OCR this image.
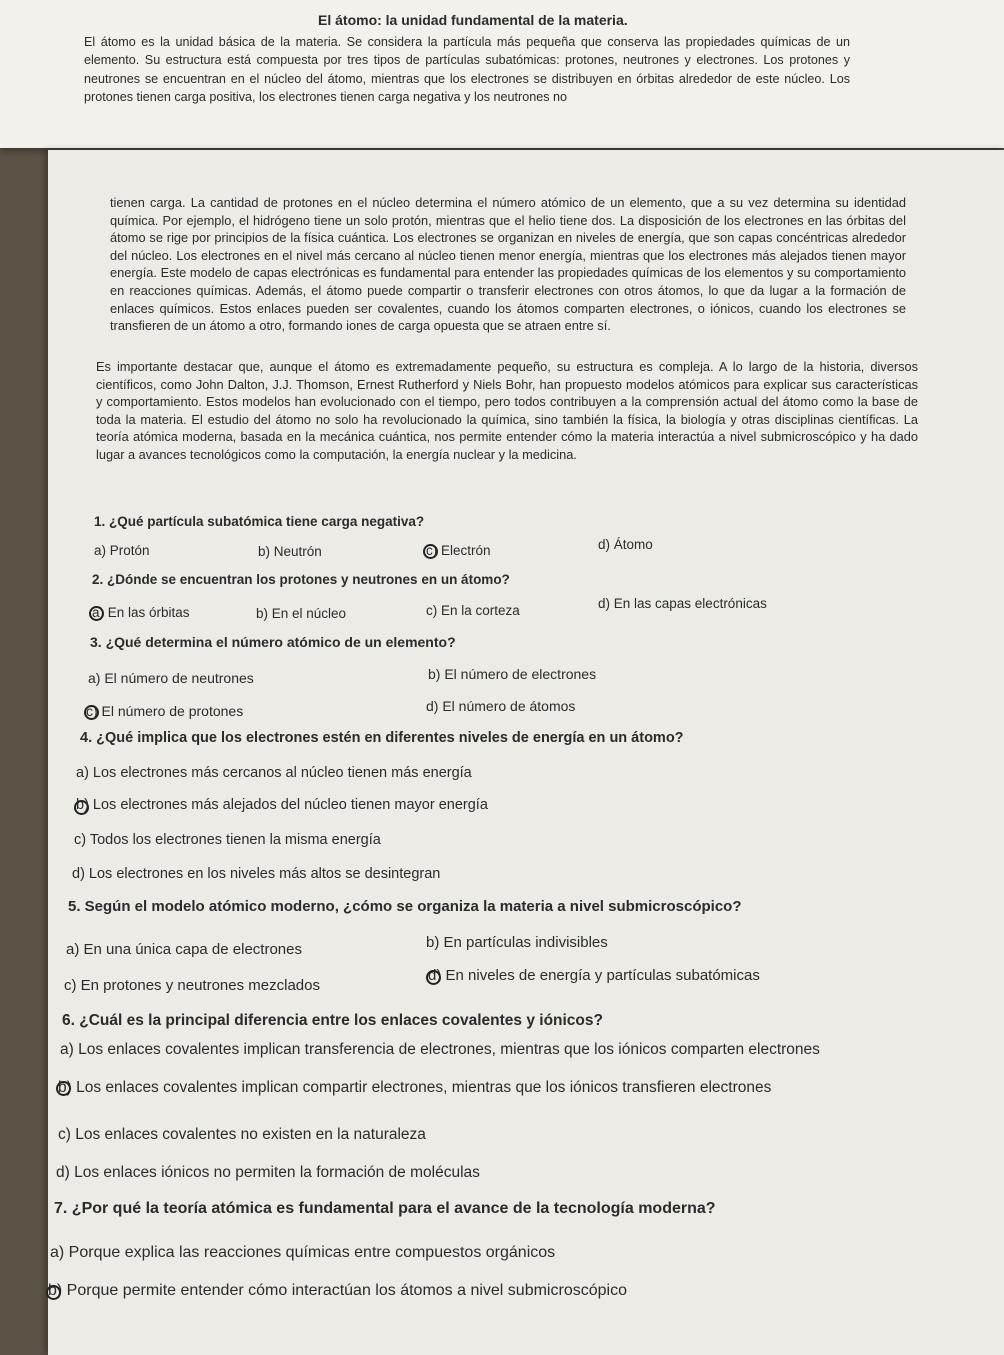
El átomo: la unidad fundamental de la materia.
El átomo es la unidad básica de la materia. Se considera la partícula más pequeña que conserva las propiedades químicas de un elemento. Su estructura está compuesta por tres tipos de partículas subatómicas: protones, neutrones y electrones. Los protones y neutrones se encuentran en el núcleo del átomo, mientras que los electrones se distribuyen en órbitas alrededor de este núcleo. Los protones tienen carga positiva, los electrones tienen carga negativa y los neutrones no
tienen carga. La cantidad de protones en el núcleo determina el número atómico de un elemento, que a su vez determina su identidad química. Por ejemplo, el hidrógeno tiene un solo protón, mientras que el helio tiene dos. La disposición de los electrones en las órbitas del átomo se rige por principios de la física cuántica. Los electrones se organizan en niveles de energía, que son capas concéntricas alrededor del núcleo. Los electrones en el nivel más cercano al núcleo tienen menor energía, mientras que los electrones más alejados tienen mayor energía. Este modelo de capas electrónicas es fundamental para entender las propiedades químicas de los elementos y su comportamiento en reacciones químicas. Además, el átomo puede compartir o transferir electrones con otros átomos, lo que da lugar a la formación de enlaces químicos. Estos enlaces pueden ser covalentes, cuando los átomos comparten electrones, o iónicos, cuando los electrones se transfieren de un átomo a otro, formando iones de carga opuesta que se atraen entre sí.
Es importante destacar que, aunque el átomo es extremadamente pequeño, su estructura es compleja. A lo largo de la historia, diversos científicos, como John Dalton, J.J. Thomson, Ernest Rutherford y Niels Bohr, han propuesto modelos atómicos para explicar sus características y comportamiento. Estos modelos han evolucionado con el tiempo, pero todos contribuyen a la comprensión actual del átomo como la base de toda la materia. El estudio del átomo no solo ha revolucionado la química, sino también la física, la biología y otras disciplinas científicas. La teoría atómica moderna, basada en la mecánica cuántica, nos permite entender cómo la materia interactúa a nivel submicroscópico y ha dado lugar a avances tecnológicos como la computación, la energía nuclear y la medicina.
1. ¿Qué partícula subatómica tiene carga negativa?
a) Protón	b) Neutrón	c) Electrón	d) Átomo
2. ¿Dónde se encuentran los protones y neutrones en un átomo?
a) En las órbitas	b) En el núcleo	c) En la corteza	d) En las capas electrónicas
3. ¿Qué determina el número atómico de un elemento?
a) El número de neutrones	b) El número de electrones
c) El número de protones	d) El número de átomos
4. ¿Qué implica que los electrones estén en diferentes niveles de energía en un átomo?
a) Los electrones más cercanos al núcleo tienen más energía
b) Los electrones más alejados del núcleo tienen mayor energía
c) Todos los electrones tienen la misma energía
d) Los electrones en los niveles más altos se desintegran
5. Según el modelo atómico moderno, ¿cómo se organiza la materia a nivel submicroscópico?
a) En una única capa de electrones	b) En partículas indivisibles
c) En protones y neutrones mezclados
d) En niveles de energía y partículas subatómicas
6. ¿Cuál es la principal diferencia entre los enlaces covalentes y iónicos?
a) Los enlaces covalentes implican transferencia de electrones, mientras que los iónicos comparten electrones
b) Los enlaces covalentes implican compartir electrones, mientras que los iónicos transfieren electrones
c) Los enlaces covalentes no existen en la naturaleza
d) Los enlaces iónicos no permiten la formación de moléculas
7. ¿Por qué la teoría atómica es fundamental para el avance de la tecnología moderna?
a) Porque explica las reacciones químicas entre compuestos orgánicos
b) Porque permite entender cómo interactúan los átomos a nivel submicroscópico
